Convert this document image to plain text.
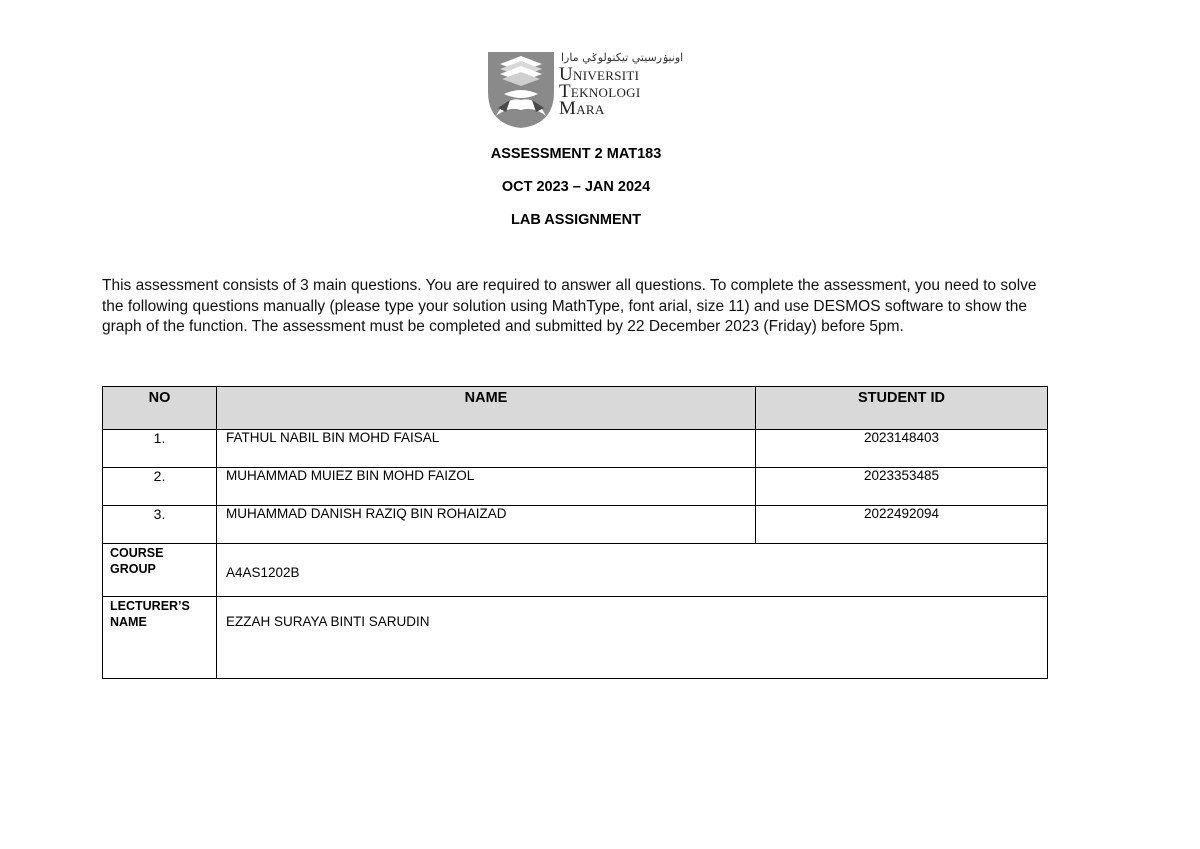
اونيۏرسيتي تيكنولوݢي مارا
Universiti
Teknologi
Mara
ASSESSMENT 2 MAT183
OCT 2023 – JAN 2024
LAB ASSIGNMENT
This assessment consists of 3 main questions. You are required to answer all questions. To complete the assessment, you need to solve the following questions manually (please type your solution using MathType, font arial, size 11) and use DESMOS software to show the graph of the function. The assessment must be completed and submitted by 22 December 2023 (Friday) before 5pm.
NO	NAME	STUDENT ID
1.	FATHUL NABIL BIN MOHD FAISAL	2023148403
2.	MUHAMMAD MUIEZ BIN MOHD FAIZOL	2023353485
3.	MUHAMMAD DANISH RAZIQ BIN ROHAIZAD	2022492094

COURSE
GROUP	A4AS1202B	

LECTURER’S
NAME	EZZAH SURAYA BINTI SARUDIN	
